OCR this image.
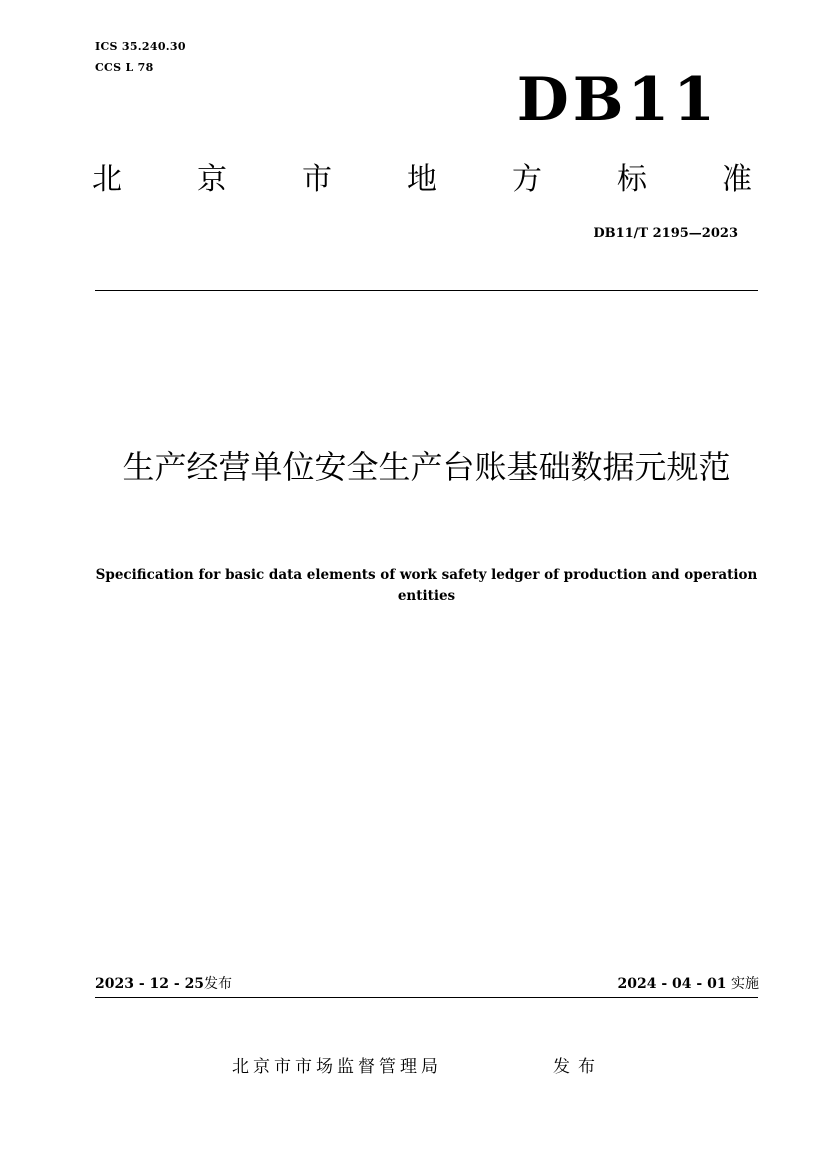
ICS 35.240.30
CCS L 78	DB11
北	京	市	地	方	标	准
DB11/T 2195—2023
生产经营单位安全生产台账基础数据元规范
Specification for basic data elements of work safety ledger of production and operation entities
2023 - 12 - 25发布	2024 - 04 - 01 实施
北京市市场监督管理局	发布
